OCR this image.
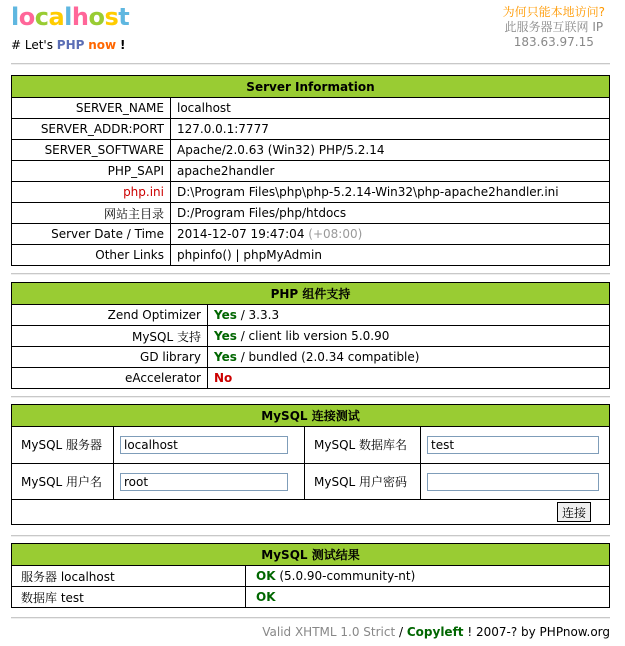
localhost
# Let's PHP now !
为何只能本地访问?
此服务器互联网 IP
183.63.97.15
Server Information	
SERVER_NAME	localhost
SERVER_ADDR:PORT	127.0.0.1:7777
SERVER_SOFTWARE	Apache/2.0.63 (Win32) PHP/5.2.14
PHP_SAPI	apache2handler
php.ini	D:\Program Files\php\php-5.2.14-Win32\php-apache2handler.ini
网站主目录	D:/Program Files/php/htdocs
Server Date / Time	2014-12-07 19:47:04 (+08:00)
Other Links	phpinfo() | phpMyAdmin
PHP 组件支持	
Zend Optimizer	Yes / 3.3.3
MySQL 支持	Yes / client lib version 5.0.90
GD library	Yes / bundled (2.0.34 compatible)
eAccelerator	No
MySQL 连接测试			
MySQL 服务器	localhost	MySQL 数据库名	test
MySQL 用户名	root	MySQL 用户密码	
连接			
MySQL 测试结果	
服务器 localhost	OK (5.0.90-community-nt)
数据库 test	OK
Valid XHTML 1.0 Strict / Copyleft ! 2007-? by PHPnow.org
